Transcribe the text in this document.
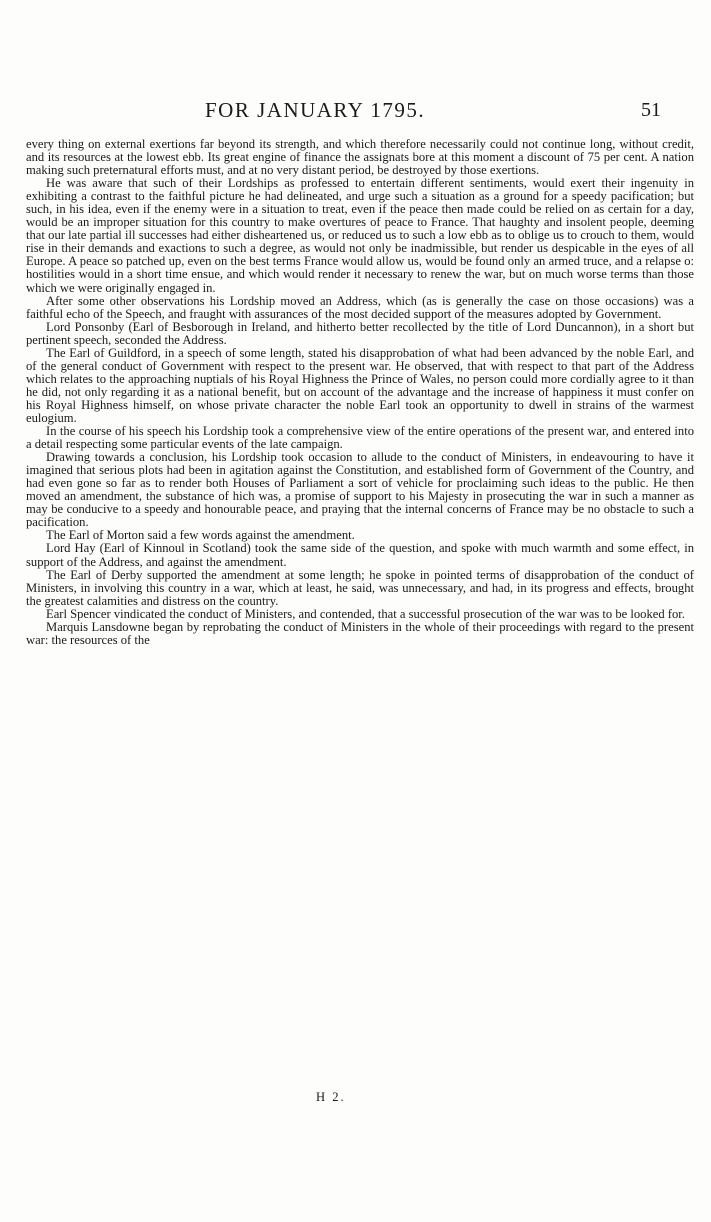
FOR JANUARY 1795.	51

every thing on external exertions far beyond its strength, and which therefore necessarily could not continue long, without credit, and its resources at the lowest ebb. Its great engine of finance the assignats bore at this moment a discount of 75 per cent. A nation making such preternatural efforts must, and at no very distant period, be destroyed by those exertions.

He was aware that such of their Lordships as professed to entertain different sentiments, would exert their ingenuity in exhibiting a contrast to the faithful picture he had delineated, and urge such a situation as a ground for a speedy pacification; but such, in his idea, even if the enemy were in a situation to treat, even if the peace then made could be relied on as certain for a day, would be an improper situation for this country to make overtures of peace to France. That haughty and insolent people, deeming that our late partial ill successes had either disheartened us, or reduced us to such a low ebb as to oblige us to crouch to them, would rise in their demands and exactions to such a degree, as would not only be inadmissible, but render us despicable in the eyes of all Europe. A peace so patched up, even on the best terms France would allow us, would be found only an armed truce, and a relapse o: hostilities would in a short time ensue, and which would render it necessary to renew the war, but on much worse terms than those which we were originally engaged in.

After some other observations his Lordship moved an Address, which (as is generally the case on those occasions) was a faithful echo of the Speech, and fraught with assurances of the most decided support of the measures adopted by Government.

Lord Ponsonby (Earl of Besborough in Ireland, and hitherto better recollected by the title of Lord Duncannon), in a short but pertinent speech, seconded the Address.

The Earl of Guildford, in a speech of some length, stated his disapprobation of what had been advanced by the noble Earl, and of the general conduct of Government with respect to the present war. He observed, that with respect to that part of the Address which relates to the approaching nuptials of his Royal Highness the Prince of Wales, no person could more cordially agree to it than he did, not only regarding it as a national benefit, but on account of the advantage and the increase of happiness it must confer on his Royal Highness himself, on whose private character the noble Earl took an opportunity to dwell in strains of the warmest eulogium.

In the course of his speech his Lordship took a comprehensive view of the entire operations of the present war, and entered into a detail respecting some particular events of the late campaign.

Drawing towards a conclusion, his Lordship took occasion to allude to the conduct of Ministers, in endeavouring to have it imagined that serious plots had been in agitation against the Constitution, and established form of Government of the Country, and had even gone so far as to render both Houses of Parliament a sort of vehicle for proclaiming such ideas to the public. He then moved an amendment, the substance of hich was, a promise of support to his Majesty in prosecuting the war in such a manner as may be conducive to a speedy and honourable peace, and praying that the internal concerns of France may be no obstacle to such a pacification.

The Earl of Morton said a few words against the amendment.

Lord Hay (Earl of Kinnoul in Scotland) took the same side of the question, and spoke with much warmth and some effect, in support of the Address, and against the amendment.

The Earl of Derby supported the amendment at some length; he spoke in pointed terms of disapprobation of the conduct of Ministers, in involving this country in a war, which at least, he said, was unnecessary, and had, in its progress and effects, brought the greatest calamities and distress on the country.

Earl Spencer vindicated the conduct of Ministers, and contended, that a successful prosecution of the war was to be looked for.

Marquis Lansdowne began by reprobating the conduct of Ministers in the whole of their proceedings with regard to the present war: the resources of the

H 2.
